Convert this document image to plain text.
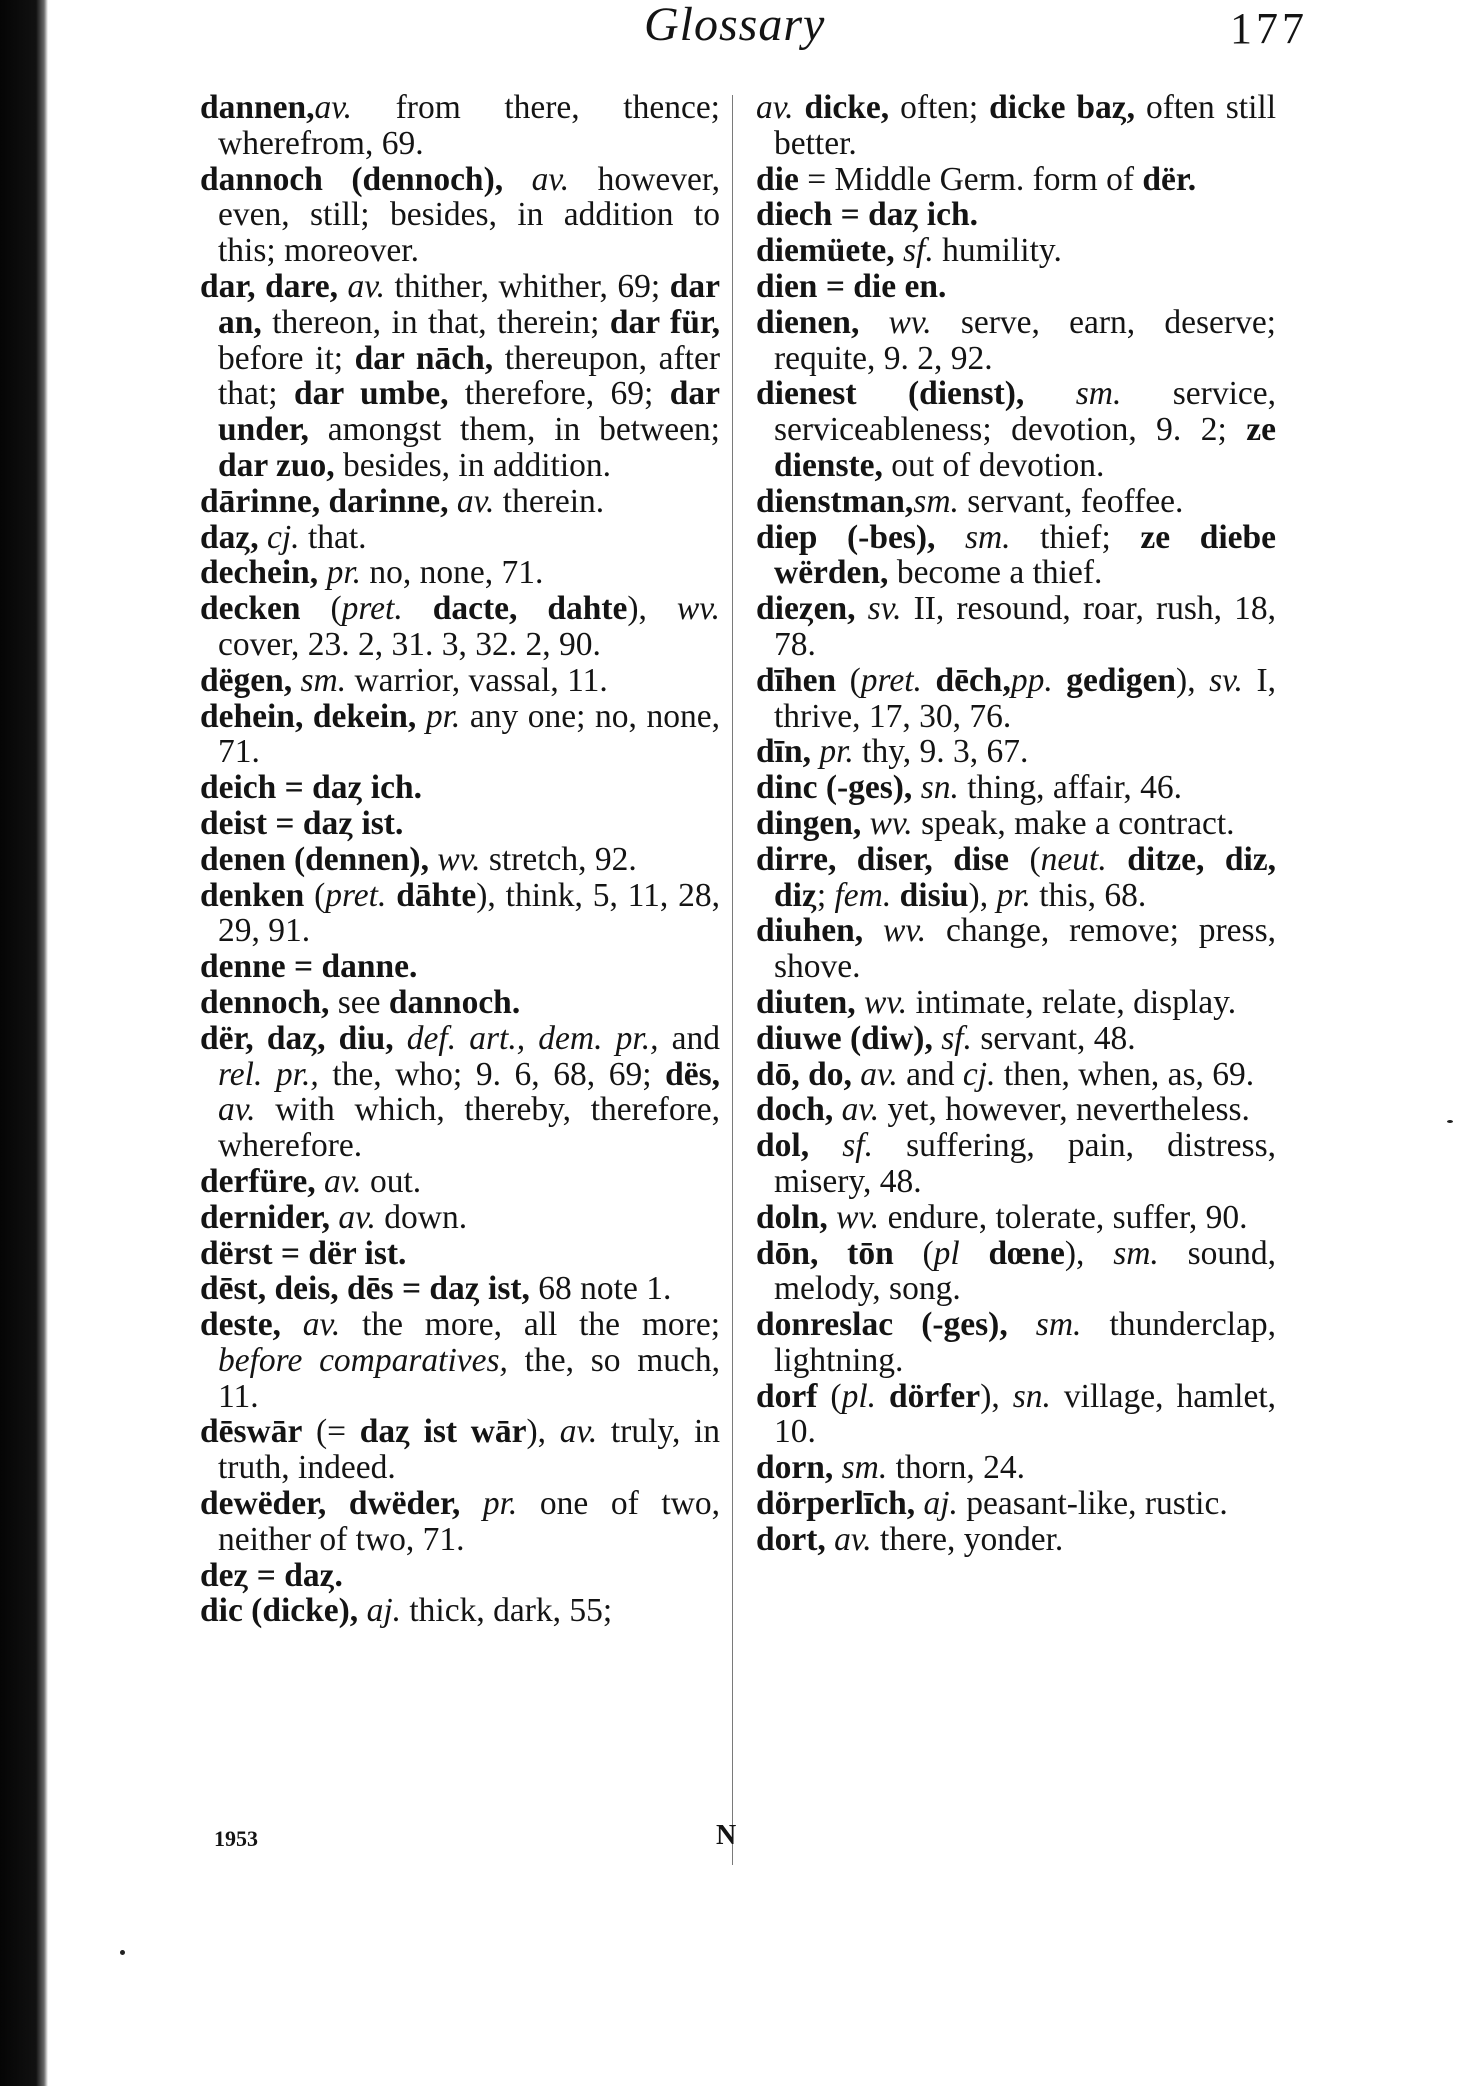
Glossary	177
dannen,av. from there, thence; wherefrom, 69.
dannoch (dennoch), av. however, even, still; besides, in addition to this; moreover.
dar, dare, av. thither, whither, 69; dar an, thereon, in that, therein; dar für, before it; dar nāch, thereupon, after that; dar umbe, therefore, 69; dar under, amongst them, in between; dar zuo, besides, in addition.
dārinne, darinne, av. therein.
daȥ, cj. that.
dechein, pr. no, none, 71.
decken (pret. dacte, dahte), wv. cover, 23. 2, 31. 3, 32. 2, 90.
dëgen, sm. warrior, vassal, 11.
dehein, dekein, pr. any one; no, none, 71.
deich = daȥ ich.
deist = daȥ ist.
denen (dennen), wv. stretch, 92.
denken (pret. dāhte), think, 5, 11, 28, 29, 91.
denne = danne.
dennoch, see dannoch.
dër, daȥ, diu, def. art., dem. pr., and rel. pr., the, who; 9. 6, 68, 69; dës, av. with which, thereby, therefore, wherefore.
derfüre, av. out.
dernider, av. down.
dërst = dër ist.
dēst, deis, dēs = daȥ ist, 68 note 1.
deste, av. the more, all the more; before comparatives, the, so much, 11.
dēswār (= daȥ ist wār), av. truly, in truth, indeed.
dewëder, dwëder, pr. one of two, neither of two, 71.
deȥ = daȥ.
dic (dicke), aj. thick, dark, 55;
av. dicke, often; dicke baȥ, often still better.
die = Middle Germ. form of dër.
diech = daȥ ich.
diemüete, sf. humility.
dien = die en.
dienen, wv. serve, earn, deserve; requite, 9. 2, 92.
dienest (dienst), sm. service, serviceableness; devotion, 9. 2; ze dienste, out of devotion.
dienstman,sm. servant, feoffee.
diep (-bes), sm. thief; ze diebe wërden, become a thief.
dieȥen, sv. II, resound, roar, rush, 18, 78.
dīhen (pret. dēch,pp. gedigen), sv. I, thrive, 17, 30, 76.
dīn, pr. thy, 9. 3, 67.
dinc (-ges), sn. thing, affair, 46.
dingen, wv. speak, make a contract.
dirre, diser, dise (neut. ditze, diz, diȥ; fem. disiu), pr. this, 68.
diuhen, wv. change, remove; press, shove.
diuten, wv. intimate, relate, display.
diuwe (diw), sf. servant, 48.
dō, do, av. and cj. then, when, as, 69.
doch, av. yet, however, nevertheless.
dol, sf. suffering, pain, distress, misery, 48.
doln, wv. endure, tolerate, suffer, 90.
dōn, tōn (pl dœne), sm. sound, melody, song.
donreslac (-ges), sm. thunderclap, lightning.
dorf (pl. dörfer), sn. village, hamlet, 10.
dorn, sm. thorn, 24.
dörperlīch, aj. peasant-like, rustic.
dort, av. there, yonder.
1953	N
